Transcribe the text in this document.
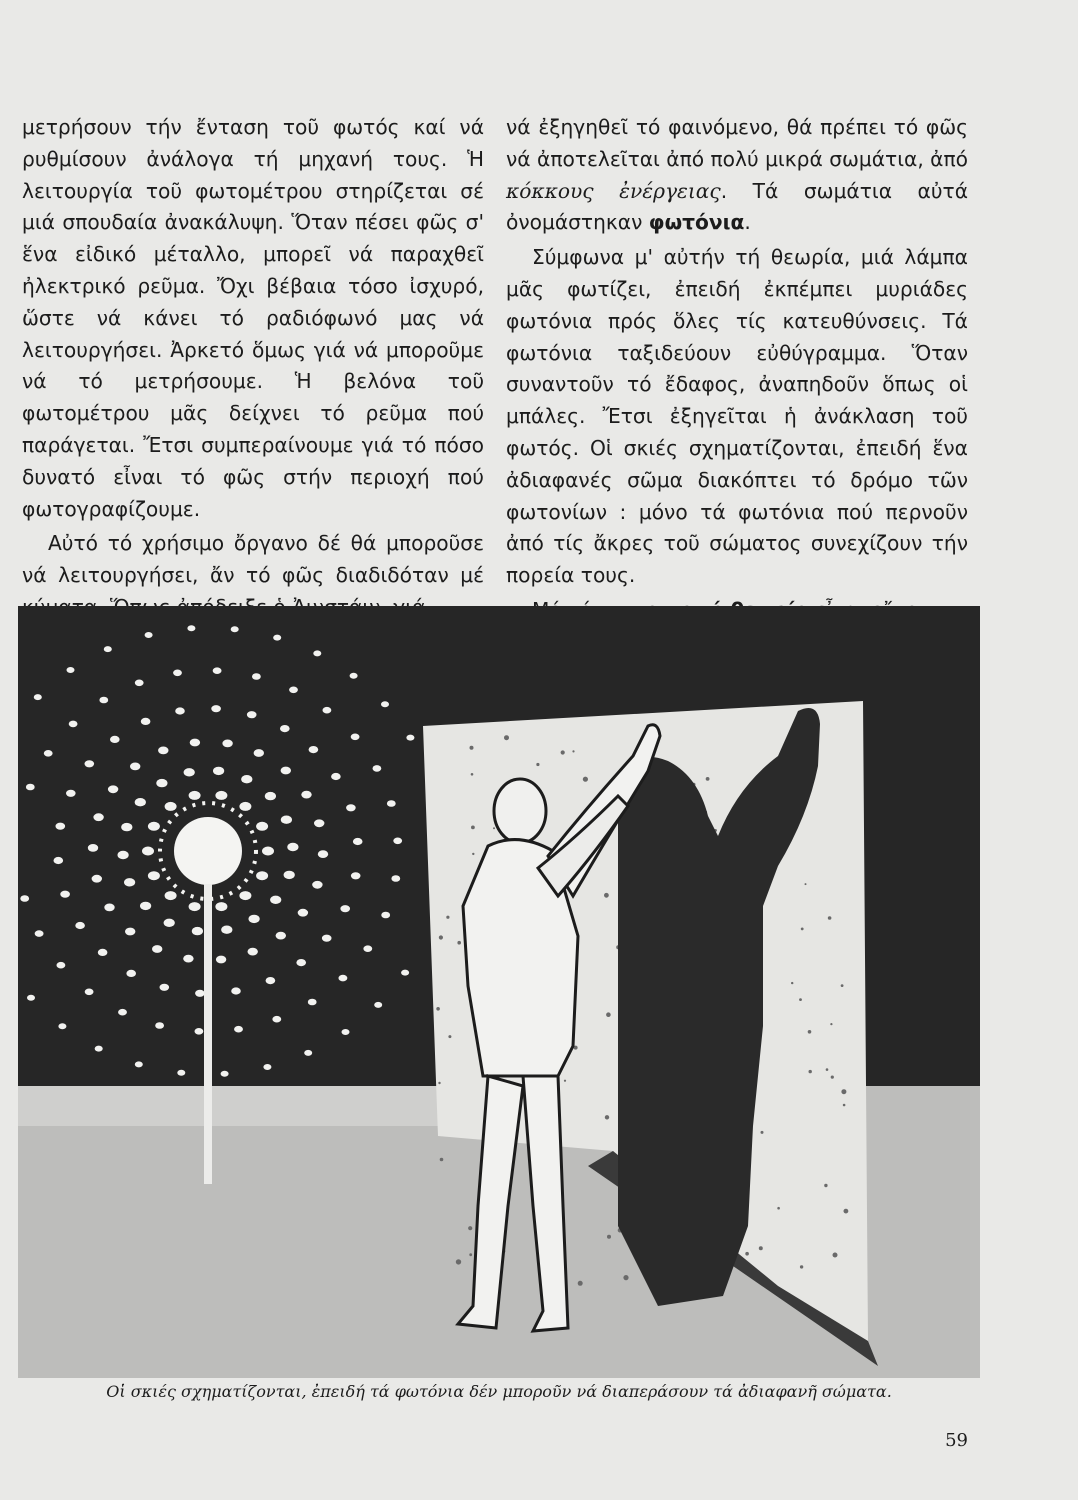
μετρήσουν τήν ἔνταση τοῦ φωτός καί νά ρυθμίσουν ἀνάλογα τή μηχανή τους. Ἡ λειτουργία τοῦ φωτομέτρου στηρίζεται σέ μιά σπουδαία ἀνακάλυψη. Ὅταν πέσει φῶς σ' ἕνα εἰδικό μέταλλο, μπορεῖ νά παραχθεῖ ἠλεκτρικό ρεῦμα. Ὄχι βέβαια τόσο ἰσχυρό, ὥστε νά κάνει τό ραδιόφωνό μας νά λειτουργήσει. Ἀρκετό ὅμως γιά νά μποροῦμε νά τό μετρήσουμε. Ἡ βελόνα τοῦ φωτομέτρου μᾶς δείχνει τό ρεῦμα πού παράγεται. Ἔτσι συμπεραίνουμε γιά τό πόσο δυνατό εἶναι τό φῶς στήν περιοχή πού φωτογραφίζουμε.

Αὐτό τό χρήσιμο ὄργανο δέ θά μποροῦσε νά λειτουργήσει, ἄν τό φῶς διαδιδόταν μέ

νά ἐξηγηθεῖ τό φαινόμενο, θά πρέπει τό φῶς νά ἀποτελεῖται ἀπό πολύ μικρά σωμάτια, ἀπό κόκκους ἐνέργειας. Τά σωμάτια αὐτά ὀνομάστηκαν φωτόνια.

Σύμφωνα μ' αὐτήν τή θεωρία, μιά λάμπα μᾶς φωτίζει, ἐπειδή ἐκπέμπει μυριάδες φωτόνια πρός ὅλες τίς κατευθύνσεις. Τά φωτόνια ταξιδεύουν εὐθύγραμμα. Ὅταν συναντοῦν τό ἔδαφος, ἀναπηδοῦν ὅπως οἱ μπάλες. Ἔτσι ἐξηγεῖται ἡ ἀνάκλαση τοῦ φωτός. Οἱ σκιές σχηματίζονται, ἐπειδή ἕνα ἀδιαφανές σῶμα διακόπτει τό δρόμο τῶν φωτονίων : μόνο τά φωτόνια πού περνοῦν ἀπό τίς ἄκρες τοῦ σώματος συνεχίζουν τήν πορεία τους.

Οἱ σκιές σχηματίζονται, ἐπειδή τά φωτόνια δέν μποροῦν νά διαπεράσουν τά ἀδιαφανῆ σώματα.
59
